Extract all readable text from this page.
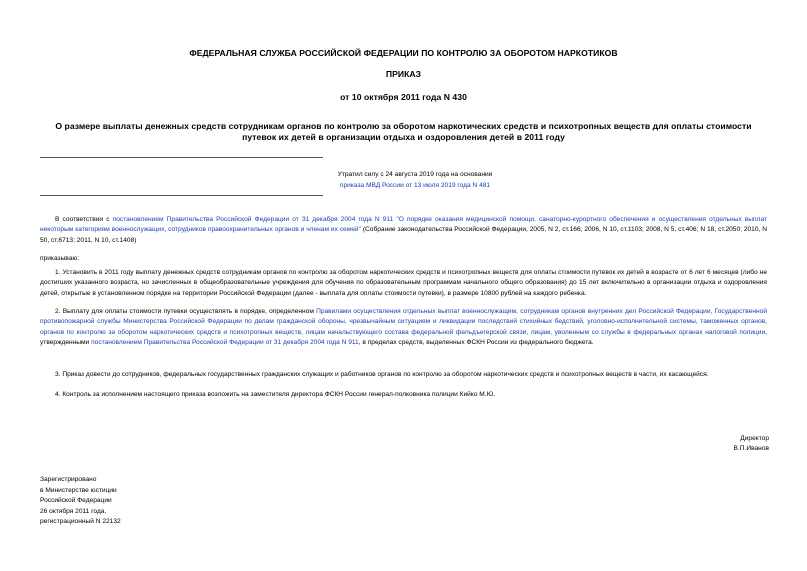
ФЕДЕРАЛЬНАЯ СЛУЖБА РОССИЙСКОЙ ФЕДЕРАЦИИ ПО КОНТРОЛЮ ЗА ОБОРОТОМ НАРКОТИКОВ
ПРИКАЗ
от 10 октября 2011 года N 430
О размере выплаты денежных средств сотрудникам органов по контролю за оборотом наркотических средств и психотропных веществ для оплаты стоимости путевок их детей в организации отдыха и оздоровления детей в 2011 году
Утратил силу с 24 августа 2019 года на основании
приказа МВД России от 13 июля 2019 года N 481
В соответствии с постановлением Правительства Российской Федерации от 31 декабря 2004 года N 911 "О порядке оказания медицинской помощи, санаторно-курортного обеспечения и осуществления отдельных выплат некоторым категориям военнослужащих, сотрудников правоохранительных органов и членам их семей" (Собрание законодательства Российской Федерации, 2005, N 2, ст.166; 2006, N 10, ст.1103; 2008, N 5, ст.406; N 18, ст.2050; 2010, N 50, ст.6713; 2011, N 10, ст.1408)
приказываю:
1. Установить в 2011 году выплату денежных средств сотрудникам органов по контролю за оборотом наркотических средств и психотропных веществ для оплаты стоимости путевок их детей в возрасте от 6 лет 6 месяцев (либо не достигших указанного возраста, но зачисленных в общеобразовательные учреждения для обучения по образовательным программам начального общего образования) до 15 лет включительно в организации отдыха и оздоровления детей, открытые в установленном порядке на территории Российской Федерации (далее - выплата для оплаты стоимости путевки), в размере 10800 рублей на каждого ребенка.
2. Выплату для оплаты стоимости путевки осуществлять в порядке, определенном Правилами осуществления отдельных выплат военнослужащим, сотрудникам органов внутренних дел Российской Федерации, Государственной противопожарной службы Министерства Российской Федерации по делам гражданской обороны, чрезвычайным ситуациям и ликвидации последствий стихийных бедствий, уголовно-исполнительной системы, таможенных органов, органов по контролю за оборотом наркотических средств и психотропных веществ, лицам начальствующего состава федеральной фельдъегерской связи, лицам, уволенным со службы в федеральных органах налоговой полиции, утвержденными постановлением Правительства Российской Федерации от 31 декабря 2004 года N 911, в пределах средств, выделенных ФСКН России из федерального бюджета.
3. Приказ довести до сотрудников, федеральных государственных гражданских служащих и работников органов по контролю за оборотом наркотических средств и психотропных веществ в части, их касающейся.
4. Контроль за исполнением настоящего приказа возложить на заместителя директора ФСКН России генерал-полковника полиции Кийко М.Ю.
Директор
В.П.Иванов
Зарегистрировано
в Министерстве юстиции
Российской Федерации
26 октября 2011 года,
регистрационный N 22132
